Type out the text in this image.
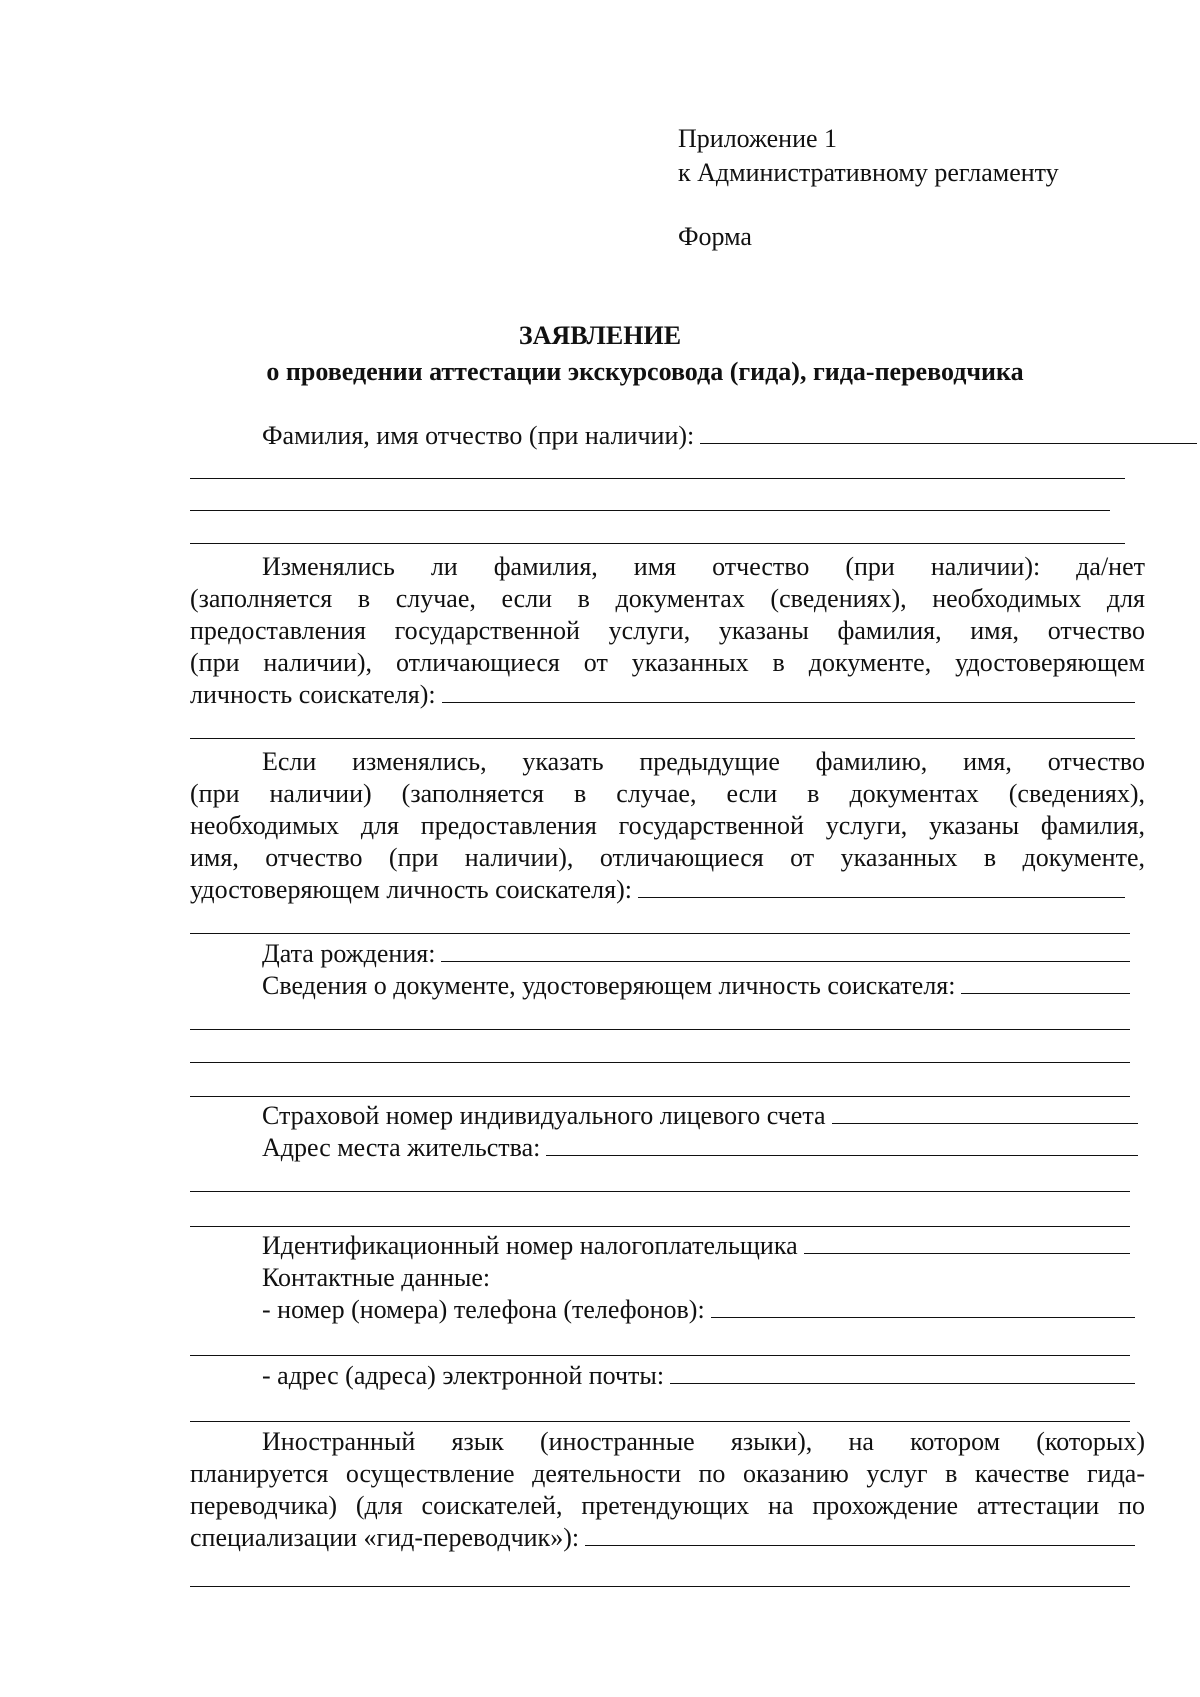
Приложение 1
к Административному регламенту
Форма
ЗАЯВЛЕНИЕ
о проведении аттестации экскурсовода (гида), гида-переводчика
Фамилия, имя отчество (при наличии):
Изменялись ли фамилия, имя отчество (при наличии): да/нет
(заполняется в случае, если в документах (сведениях), необходимых для
предоставления государственной услуги, указаны фамилия, имя, отчество
(при наличии), отличающиеся от указанных в документе, удостоверяющем
личность соискателя):
Если изменялись, указать предыдущие фамилию, имя, отчество
(при наличии) (заполняется в случае, если в документах (сведениях),
необходимых для предоставления государственной услуги, указаны фамилия,
имя, отчество (при наличии), отличающиеся от указанных в документе,
удостоверяющем личность соискателя):
Дата рождения:
Сведения о документе, удостоверяющем личность соискателя:
Страховой номер индивидуального лицевого счета
Адрес места жительства:
Идентификационный номер налогоплательщика
Контактные данные:
- номер (номера) телефона (телефонов):
- адрес (адреса) электронной почты:
Иностранный язык (иностранные языки), на котором (которых)
планируется осуществление деятельности по оказанию услуг в качестве гида-
переводчика) (для соискателей, претендующих на прохождение аттестации по
специализации «гид-переводчик»):
